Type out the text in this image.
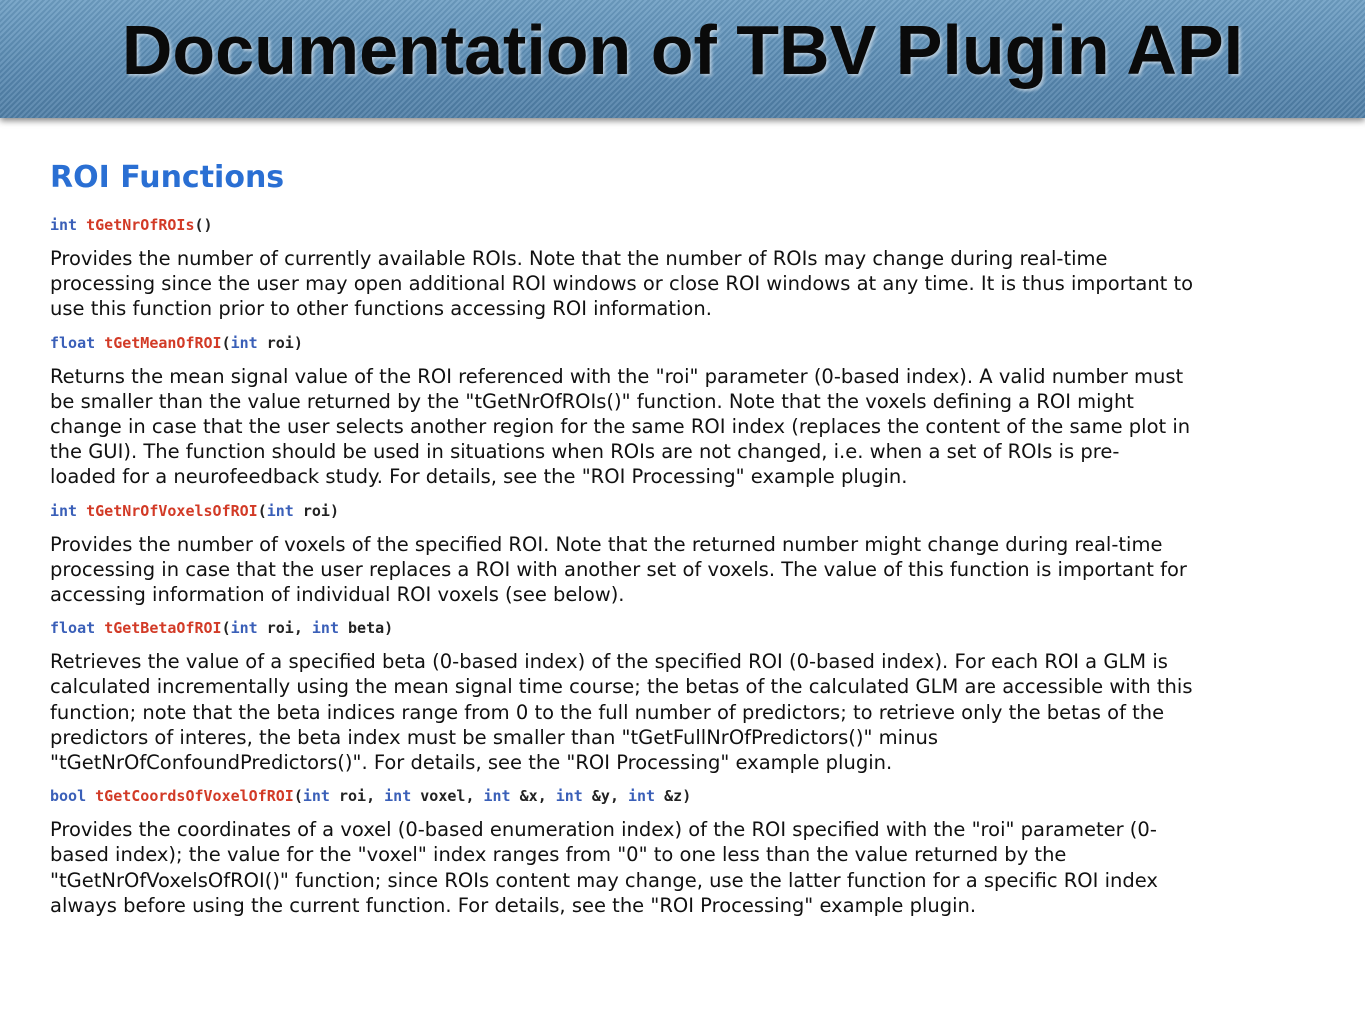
Documentation of TBV Plugin API
ROI Functions
int tGetNrOfROIs()
Provides the number of currently available ROIs. Note that the number of ROIs may change during real-time
processing since the user may open additional ROI windows or close ROI windows at any time. It is thus important to
use this function prior to other functions accessing ROI information.
float tGetMeanOfROI(int roi)
Returns the mean signal value of the ROI referenced with the "roi" parameter (0-based index). A valid number must
be smaller than the value returned by the "tGetNrOfROIs()" function. Note that the voxels defining a ROI might
change in case that the user selects another region for the same ROI index (replaces the content of the same plot in
the GUI). The function should be used in situations when ROIs are not changed, i.e. when a set of ROIs is pre-
loaded for a neurofeedback study. For details, see the "ROI Processing" example plugin.
int tGetNrOfVoxelsOfROI(int roi)
Provides the number of voxels of the specified ROI. Note that the returned number might change during real-time
processing in case that the user replaces a ROI with another set of voxels. The value of this function is important for
accessing information of individual ROI voxels (see below).
float tGetBetaOfROI(int roi, int beta)
Retrieves the value of a specified beta (0-based index) of the specified ROI (0-based index). For each ROI a GLM is
calculated incrementally using the mean signal time course; the betas of the calculated GLM are accessible with this
function; note that the beta indices range from 0 to the full number of predictors; to retrieve only the betas of the
predictors of interes, the beta index must be smaller than "tGetFullNrOfPredictors()" minus
"tGetNrOfConfoundPredictors()". For details, see the "ROI Processing" example plugin.
bool tGetCoordsOfVoxelOfROI(int roi, int voxel, int &x, int &y, int &z)
Provides the coordinates of a voxel (0-based enumeration index) of the ROI specified with the "roi" parameter (0-
based index); the value for the "voxel" index ranges from "0" to one less than the value returned by the
"tGetNrOfVoxelsOfROI()" function; since ROIs content may change, use the latter function for a specific ROI index
always before using the current function. For details, see the "ROI Processing" example plugin.
